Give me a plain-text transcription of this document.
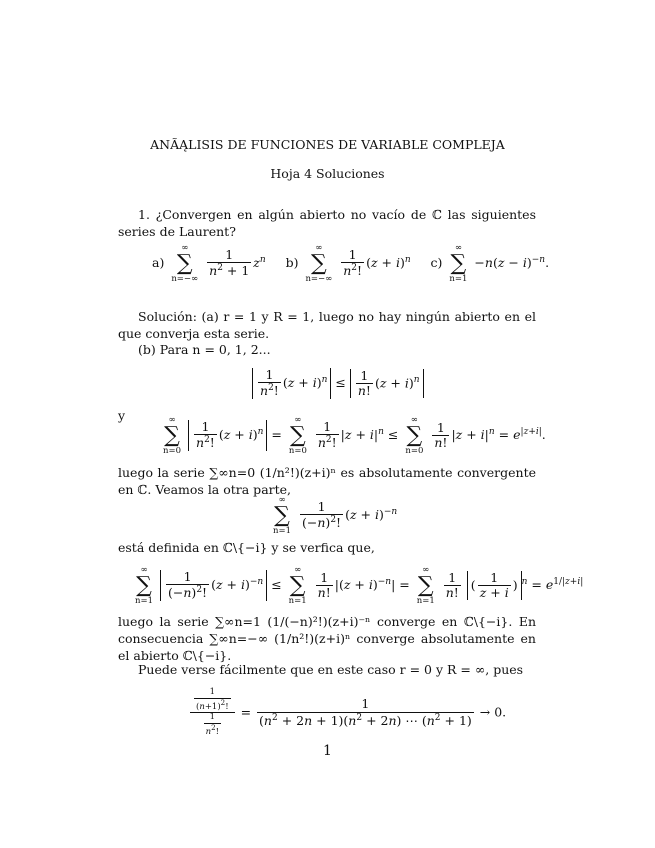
ANÃĄLISIS DE FUNCIONES DE VARIABLE COMPLEJA
Hoja 4 Soluciones
1. ¿Convergen en algún abierto no vacío de ℂ las siguientes series de Laurent?
a)
∞
∑
n=−∞
$\frac{1}{n^2 + 1} z^n$ b)
∞
∑
n=−∞
$\frac{1}{n^2!} (z + i)^n$ c)
∞
∑
n=1
$-n(z - i)^{-n}$.
Solución: (a) r = 1 y R = 1, luego no hay ningún abierto en el que converja esta serie.
(b) Para n = 0, 1, 2...
$\frac{1}{n^2!} (z + i)^n \le \frac{1}{n!} (z + i)^n$
y	∞
∑
n=0
$\frac{1}{n^2!} (z + i)^n$ =
∞
∑
n=0
$\frac{1}{n^2!} |z + i|^n$ ≤
∞
∑
n=0

$\frac{1}{n!} |z + i|^n = e^{|z+i|}$.
luego la serie ∑∞n=0 (1/n²!)(z+i)ⁿ es absolutamente convergente en ℂ. Veamos la otra parte,
∞
∑
n=1
$\frac{1}{(-n)^2!} (z + i)^{-n}$
está definida en ℂ\{−i} y se verfica que,
∞
∑
n=1
$\frac{1}{(-n)^2!} (z + i)^{-n}$ ≤
∞
∑
n=1

$\frac{1}{n!} |(z + i)^{-n}|$ =
∞
∑
n=1

$\frac{1}{n!}$ ( $\frac{1}{z + i}$ ) $^n = e^{1/|z+i|}$
luego la serie ∑∞n=1 (1/(−n)²!)(z+i)⁻ⁿ converge en ℂ\{−i}. En consecuencia ∑∞n=−∞ (1/n²!)(z+i)ⁿ converge absolutamente en el abierto ℂ\{−i}.
Puede verse fácilmente que en este caso r = 0 y R = ∞, pues
$\frac{\frac{1}{(n+1)^2!}}{\frac{1}{n^2!}} = \frac{1}{(n^2 + 2n + 1)(n^2 + 2n) \cdots (n^2 + 1)} \to 0$.
1
